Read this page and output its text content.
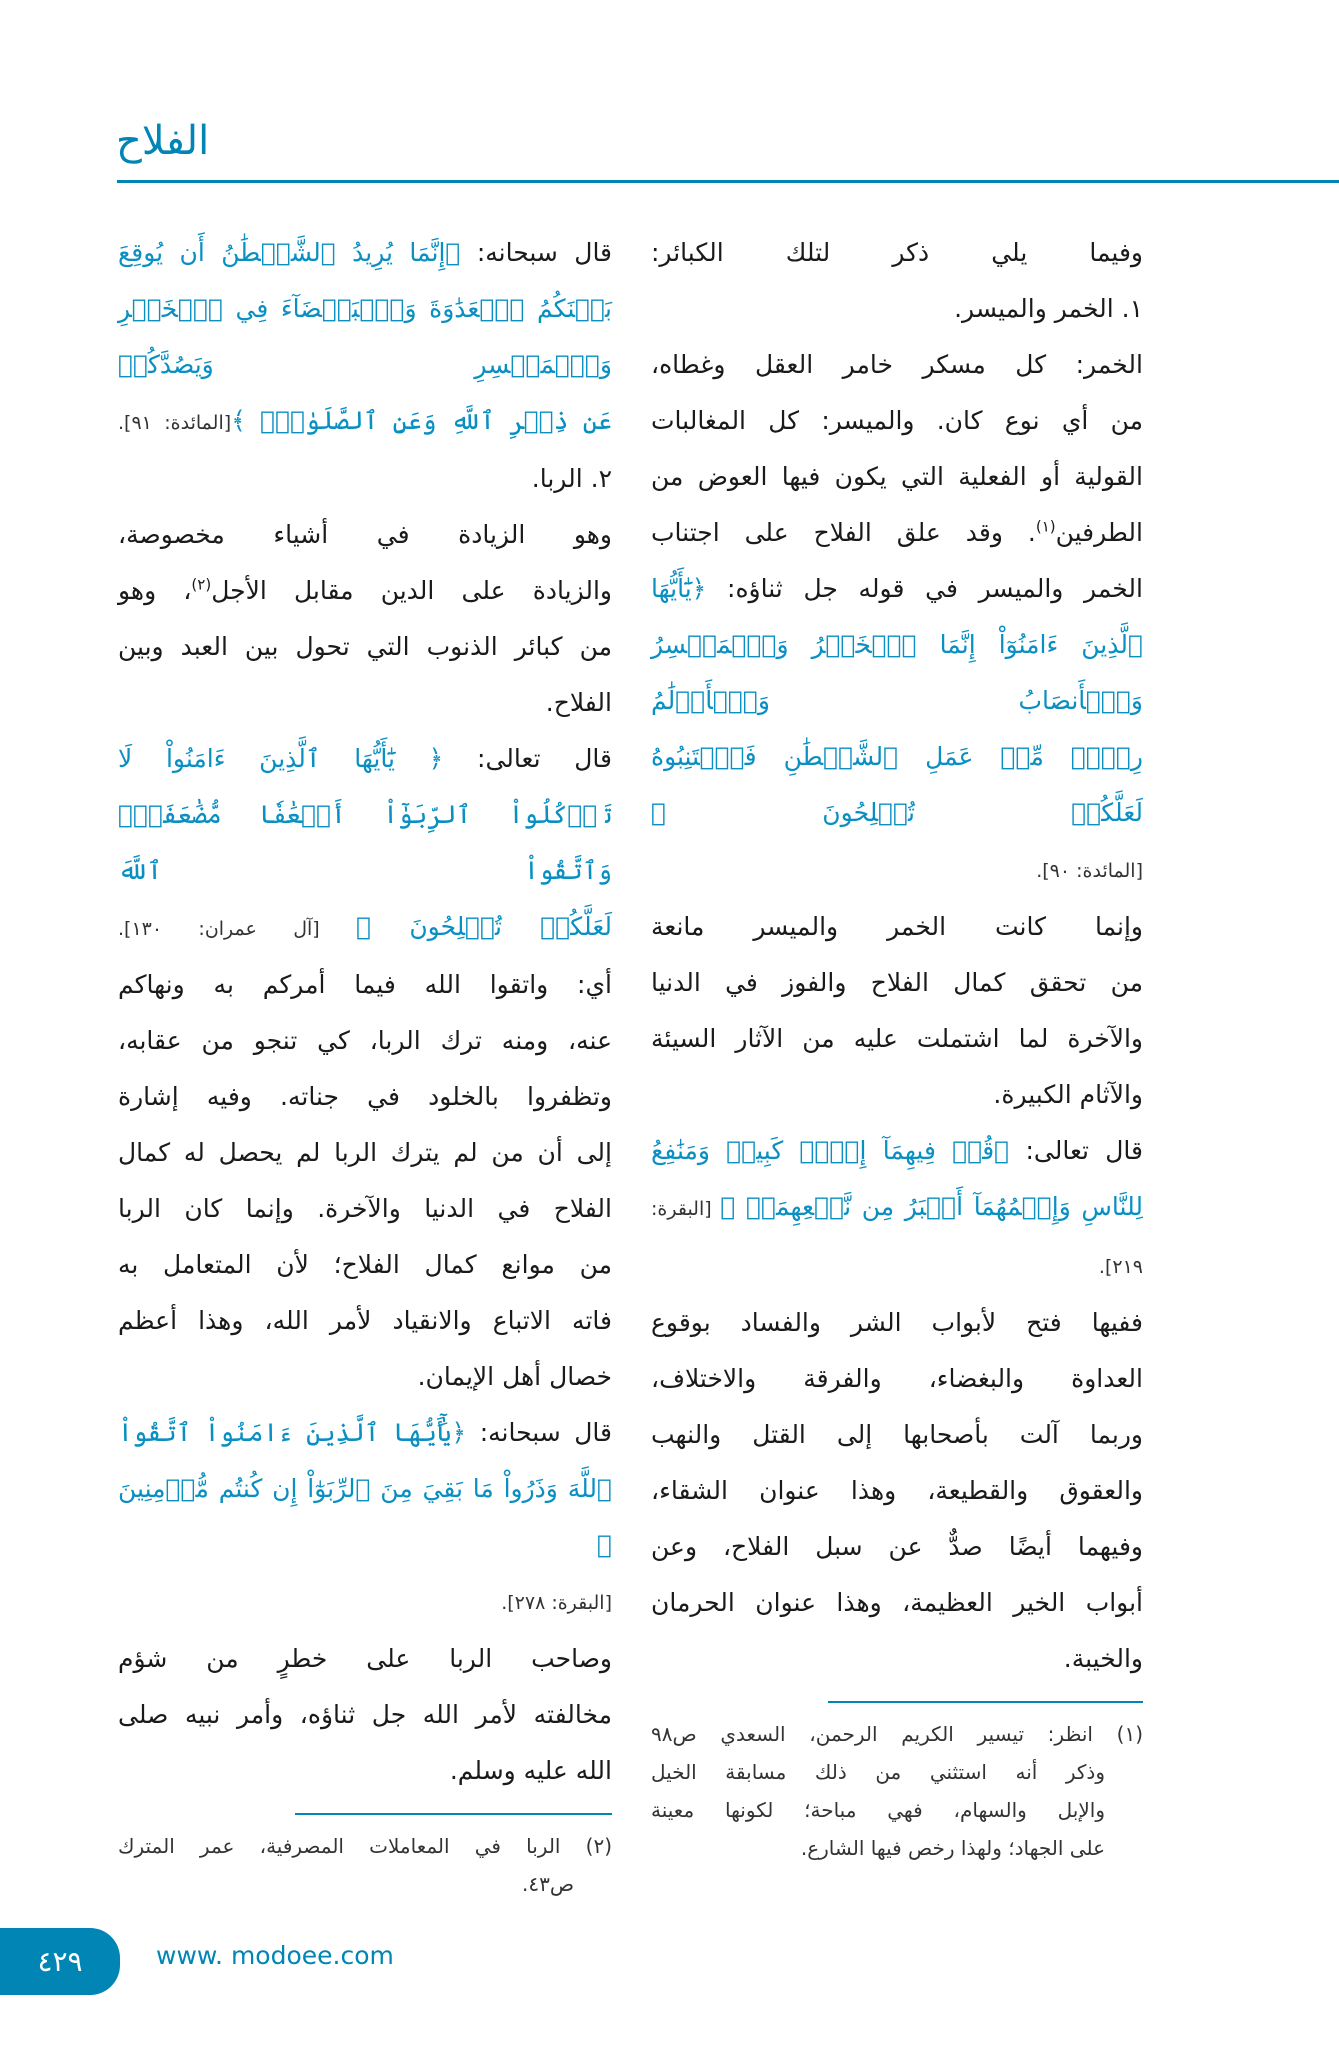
الفلاح
وفيما يلي ذكر لتلك الكبائر:
١. الخمر والميسر.
الخمر: كل مسكر خامر العقل وغطاه،
من أي نوع كان. والميسر: كل المغالبات
القولية أو الفعلية التي يكون فيها العوض من
الطرفين$^{(١)}$. وقد علق الفلاح على اجتناب
الخمر والميسر في قوله جل ثناؤه: ﴿يَٰٓأَيُّهَا
ٱلَّذِينَ ءَامَنُوٓاْ إِنَّمَا ٱلۡخَمۡرُ وَٱلۡمَيۡسِرُ وَٱلۡأَنصَابُ وَٱلۡأَزۡلَٰمُ
رِجۡسٞ مِّنۡ عَمَلِ ٱلشَّيۡطَٰنِ فَٱجۡتَنِبُوهُ لَعَلَّكُمۡ تُفۡلِحُونَ ﴾
[المائدة: ٩٠].
وإنما كانت الخمر والميسر مانعة
من تحقق كمال الفلاح والفوز في الدنيا
والآخرة لما اشتملت عليه من الآثار السيئة
والآثام الكبيرة.
قال تعالى: ﴿قُلۡ فِيهِمَآ إِثۡمٞ كَبِيرٞ وَمَنَٰفِعُ
لِلنَّاسِ وَإِثۡمُهُمَآ أَكۡبَرُ مِن نَّفۡعِهِمَاۗ ﴾ [البقرة:
٢١٩].
ففيها فتح لأبواب الشر والفساد بوقوع
العداوة والبغضاء، والفرقة والاختلاف،
وربما آلت بأصحابها إلى القتل والنهب
والعقوق والقطيعة، وهذا عنوان الشقاء،
وفيهما أيضًا صدٌّ عن سبل الفلاح، وعن
أبواب الخير العظيمة، وهذا عنوان الحرمان
والخيبة.
(١) انظر: تيسير الكريم الرحمن، السعدي ص٩٨
وذكر أنه استثني من ذلك مسابقة الخيل
والإبل والسهام، فهي مباحة؛ لكونها معينة
على الجهاد؛ ولهذا رخص فيها الشارع.
قال سبحانه: ﴿إِنَّمَا يُرِيدُ ٱلشَّيۡطَٰنُ أَن يُوقِعَ
بَيۡنَكُمُ ٱلۡعَدَٰوَةَ وَٱلۡبَغۡضَآءَ فِي ٱلۡخَمۡرِ وَٱلۡمَيۡسِرِ وَيَصُدَّكُمۡ
عَن ذِكۡرِ ٱللَّهِ وَعَنِ ٱلصَّلَوٰةِۖ ﴾[المائدة: ٩١].
٢. الربا.
وهو الزيادة في أشياء مخصوصة،
والزيادة على الدين مقابل الأجل$^{(٢)}$، وهو
من كبائر الذنوب التي تحول بين العبد وبين
الفلاح.
قال تعالى: ﴿ يَٰٓأَيُّهَا ٱلَّذِينَ ءَامَنُواْ لَا
تَأۡكُلُواْ ٱلرِّبَوٰٓاْ أَضۡعَٰفٗا مُّضَٰعَفَةٗۖ وَٱتَّقُواْ ٱللَّهَ
لَعَلَّكُمۡ تُفۡلِحُونَ ﴾ [آل عمران: ١٣٠].
أي: واتقوا الله فيما أمركم به ونهاكم
عنه، ومنه ترك الربا، كي تنجو من عقابه،
وتظفروا بالخلود في جناته. وفيه إشارة
إلى أن من لم يترك الربا لم يحصل له كمال
الفلاح في الدنيا والآخرة. وإنما كان الربا
من موانع كمال الفلاح؛ لأن المتعامل به
فاته الاتباع والانقياد لأمر الله، وهذا أعظم
خصال أهل الإيمان.
قال سبحانه: ﴿يَٰٓأَيُّهَا ٱلَّذِينَ ءَامَنُواْ ٱتَّقُواْ
ٱللَّهَ وَذَرُواْ مَا بَقِيَ مِنَ ٱلرِّبَوٰٓاْ إِن كُنتُم مُّؤۡمِنِينَ ﴾
[البقرة: ٢٧٨].
وصاحب الربا على خطرٍ من شؤم
مخالفته لأمر الله جل ثناؤه، وأمر نبيه صلى
الله عليه وسلم.
(٢) الربا في المعاملات المصرفية، عمر المترك
ص٤٣.
٤٢٩	www. modoee.com
